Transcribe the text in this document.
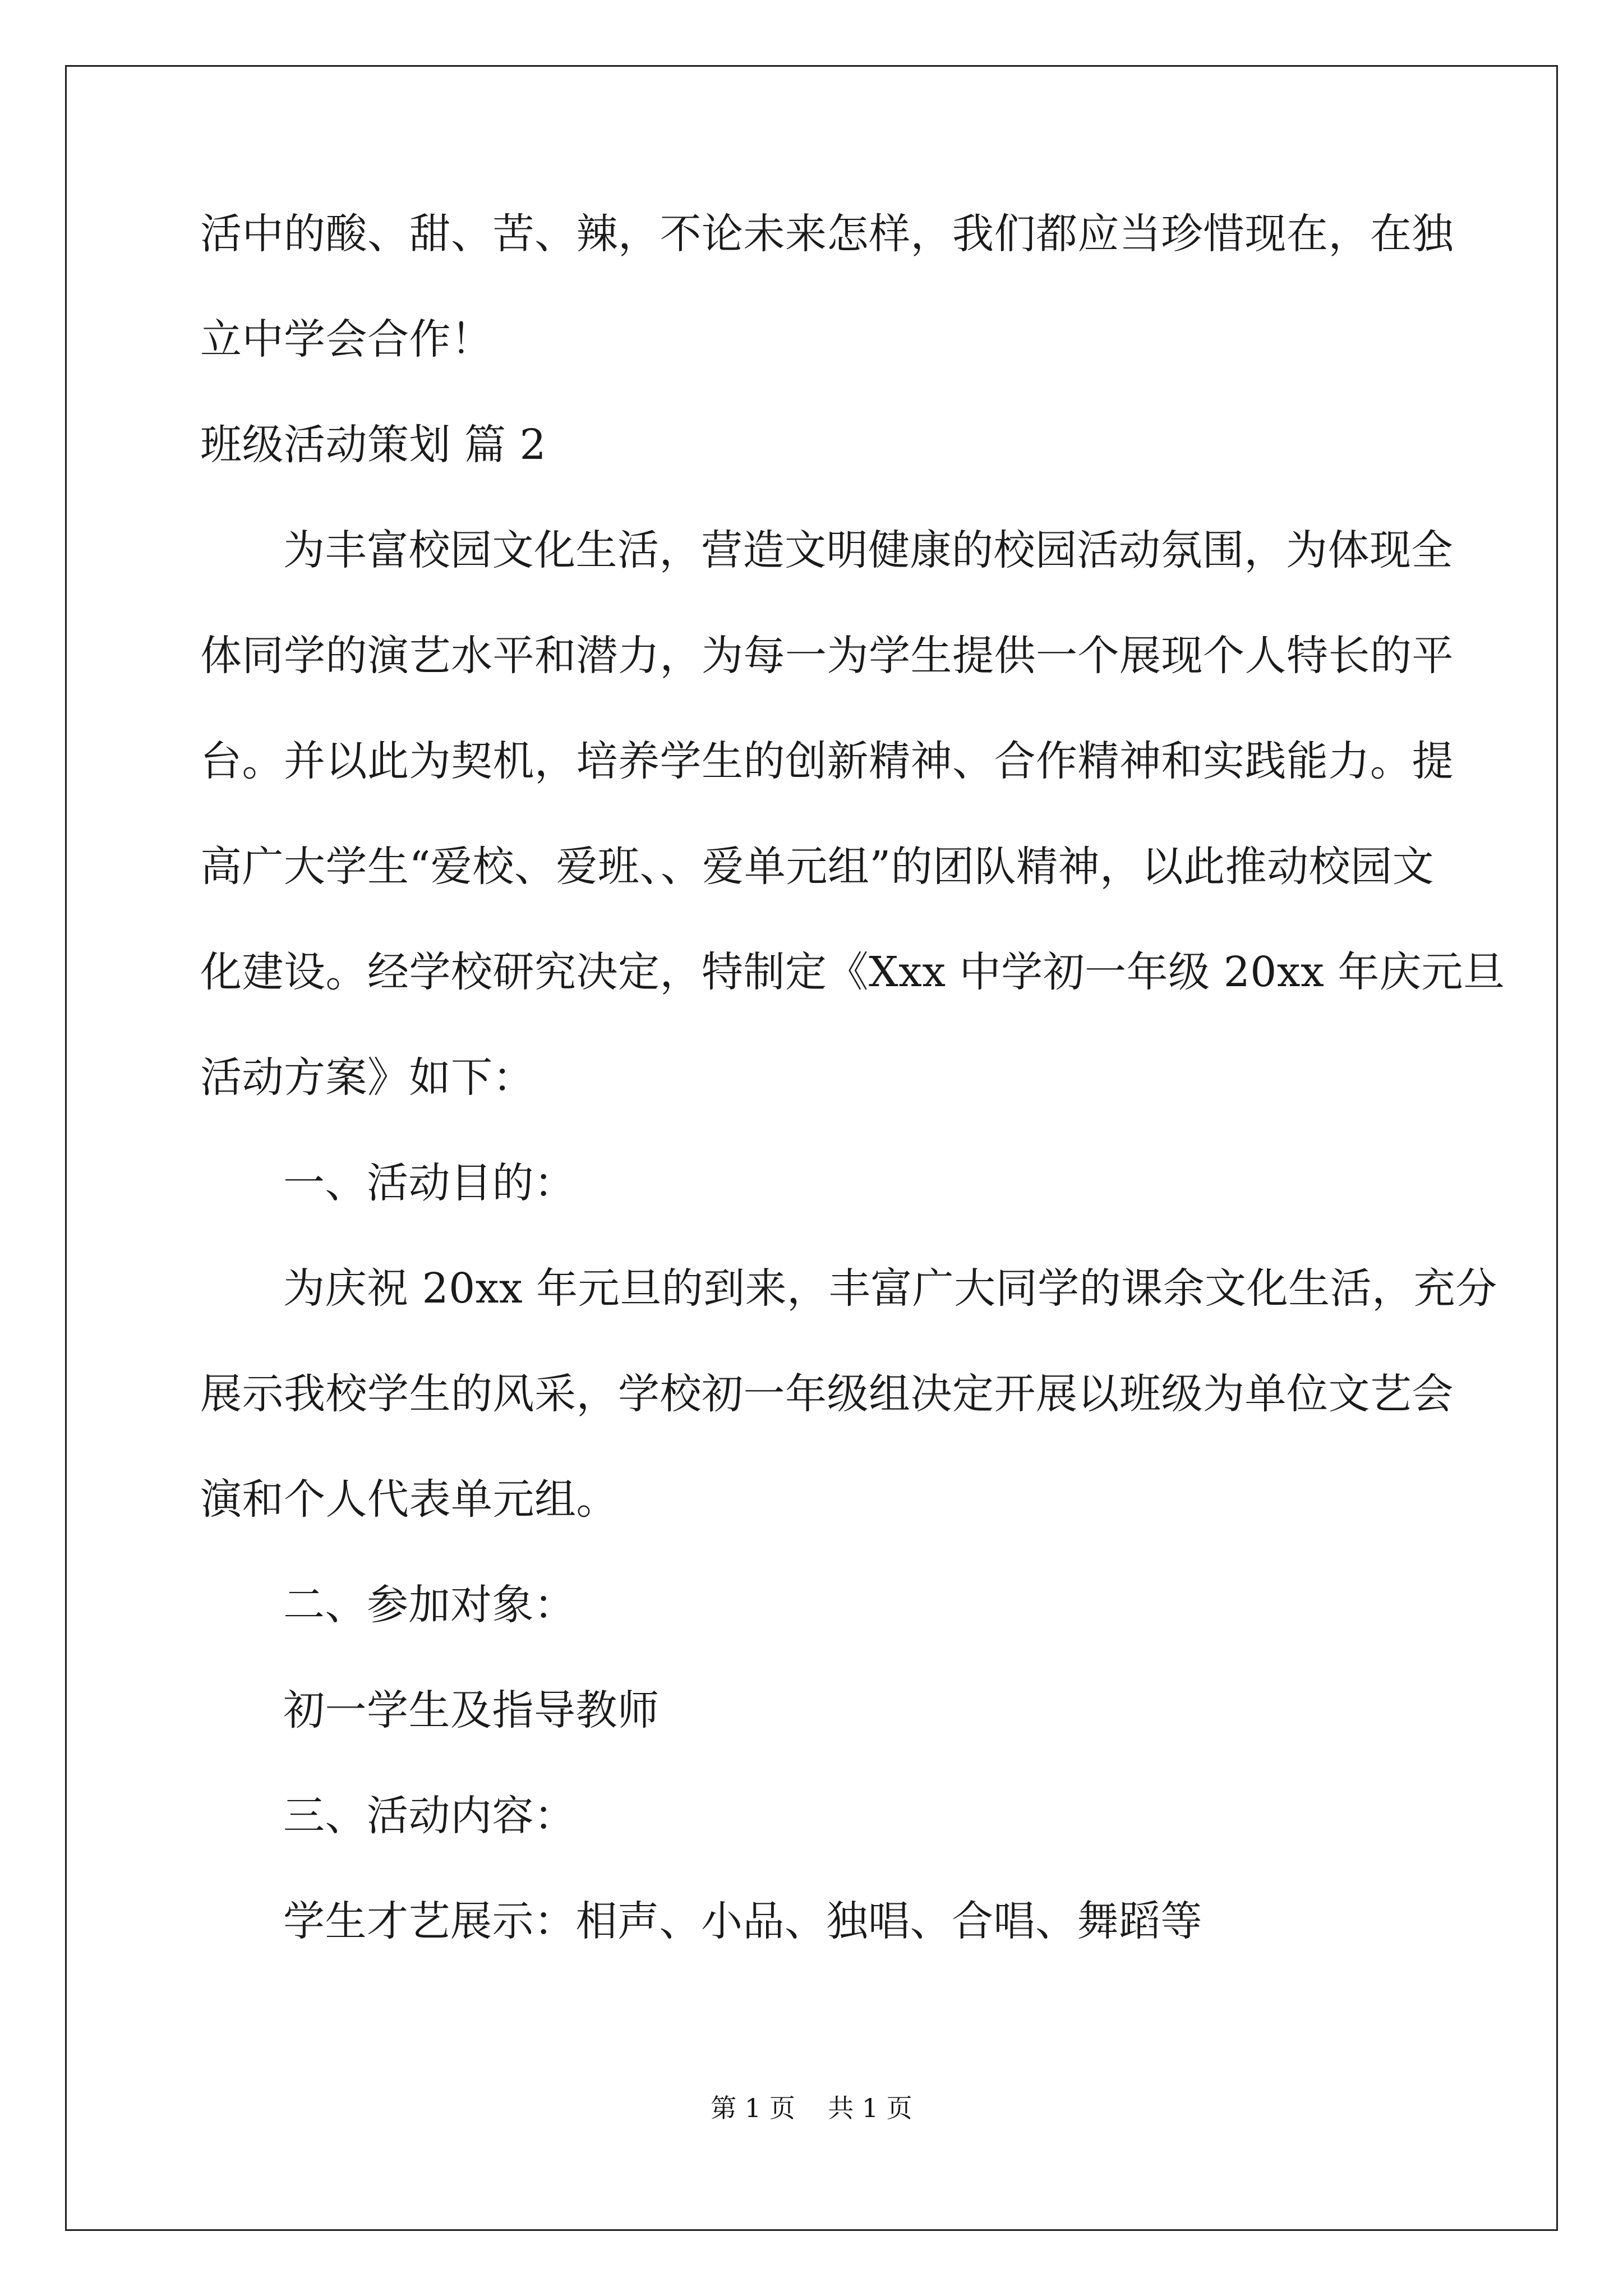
活中的酸、甜、苦、辣，不论未来怎样，我们都应当珍惜现在，在独
立中学会合作！
班级活动策划 篇 2
为丰富校园文化生活，营造文明健康的校园活动氛围，为体现全
体同学的演艺水平和潜力，为每一为学生提供一个展现个人特长的平
台。并以此为契机，培养学生的创新精神、合作精神和实践能力。提
高广大学生“爱校、爱班、、爱单元组”的团队精神，以此推动校园文
化建设。经学校研究决定，特制定《Xxx 中学初一年级 20xx 年庆元旦
活动方案》如下：
一、活动目的：
为庆祝 20xx 年元旦的到来，丰富广大同学的课余文化生活，充分
展示我校学生的风采，学校初一年级组决定开展以班级为单位文艺会
演和个人代表单元组。
二、参加对象：
初一学生及指导教师
三、活动内容：
学生才艺展示：相声、小品、独唱、合唱、舞蹈等
第 1 页    共 1 页
